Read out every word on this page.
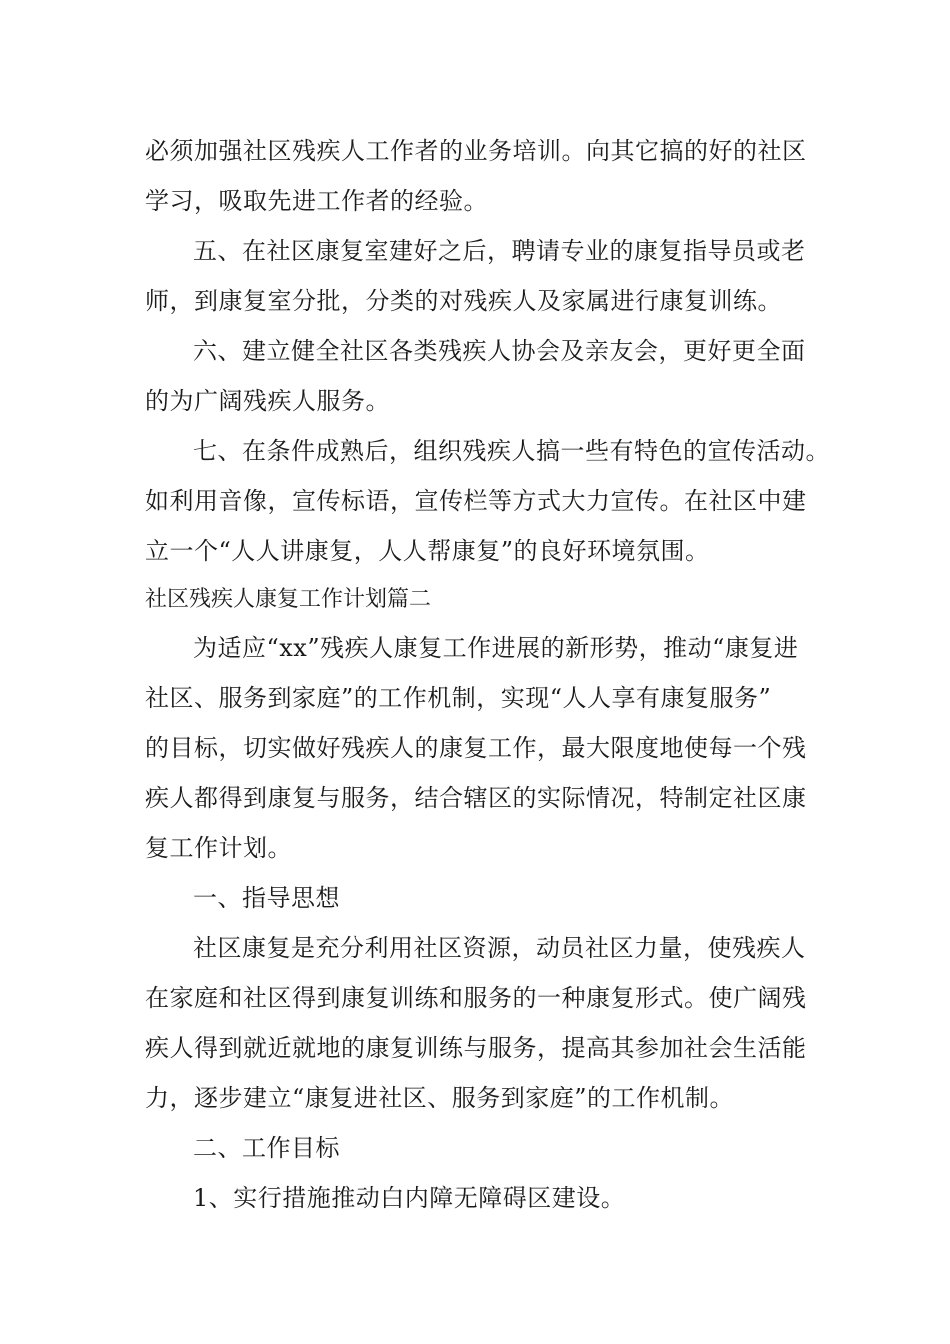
必须加强社区残疾人工作者的业务培训。向其它搞的好的社区
学习，吸取先进工作者的经验。
五、在社区康复室建好之后，聘请专业的康复指导员或老
师，到康复室分批，分类的对残疾人及家属进行康复训练。
六、建立健全社区各类残疾人协会及亲友会，更好更全面
的为广阔残疾人服务。
七、在条件成熟后，组织残疾人搞一些有特色的宣传活动。
如利用音像，宣传标语，宣传栏等方式大力宣传。在社区中建
立一个“人人讲康复，人人帮康复”的良好环境氛围。
社区残疾人康复工作计划篇二
为适应“xx”残疾人康复工作进展的新形势，推动“康复进
社区、服务到家庭”的工作机制，实现“人人享有康复服务”
的目标，切实做好残疾人的康复工作，最大限度地使每一个残
疾人都得到康复与服务，结合辖区的实际情况，特制定社区康
复工作计划。
一、指导思想
社区康复是充分利用社区资源，动员社区力量，使残疾人
在家庭和社区得到康复训练和服务的一种康复形式。使广阔残
疾人得到就近就地的康复训练与服务，提高其参加社会生活能
力，逐步建立“康复进社区、服务到家庭”的工作机制。
二、工作目标
1、实行措施推动白内障无障碍区建设。
